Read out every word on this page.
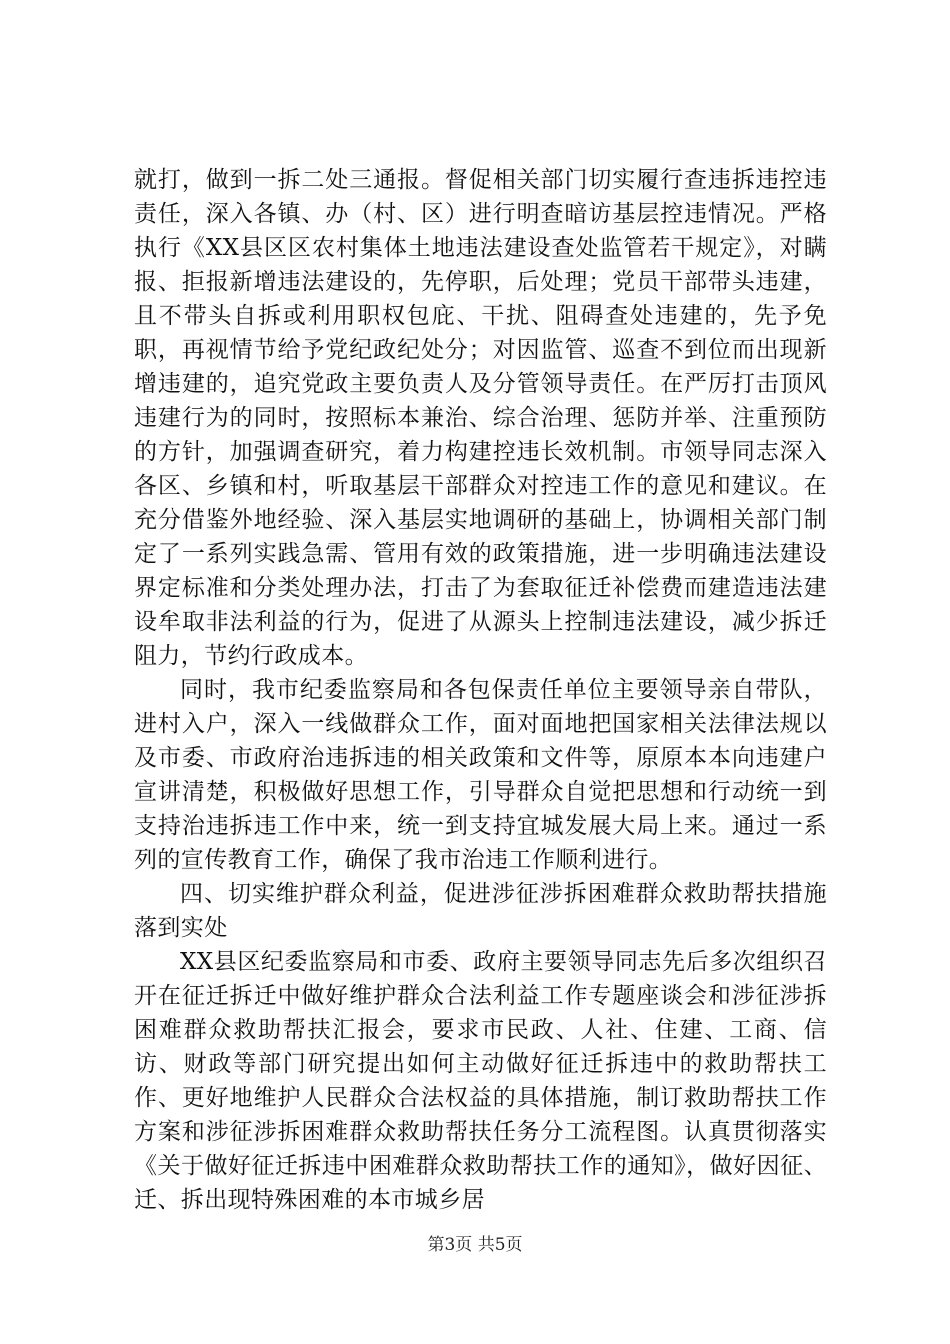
就打，做到一拆二处三通报。督促相关部门切实履行查违拆违控违责任，深入各镇、办（村、区）进行明查暗访基层控违情况。严格执行《XX县区区农村集体土地违法建设查处监管若干规定》，对瞒报、拒报新增违法建设的，先停职，后处理；党员干部带头违建，且不带头自拆或利用职权包庇、干扰、阻碍查处违建的，先予免职，再视情节给予党纪政纪处分；对因监管、巡查不到位而出现新增违建的，追究党政主要负责人及分管领导责任。在严厉打击顶风违建行为的同时，按照标本兼治、综合治理、惩防并举、注重预防的方针，加强调查研究，着力构建控违长效机制。市领导同志深入各区、乡镇和村，听取基层干部群众对控违工作的意见和建议。在充分借鉴外地经验、深入基层实地调研的基础上，协调相关部门制定了一系列实践急需、管用有效的政策措施，进一步明确违法建设界定标准和分类处理办法，打击了为套取征迁补偿费而建造违法建设牟取非法利益的行为，促进了从源头上控制违法建设，减少拆迁阻力，节约行政成本。

同时，我市纪委监察局和各包保责任单位主要领导亲自带队，进村入户，深入一线做群众工作，面对面地把国家相关法律法规以及市委、市政府治违拆违的相关政策和文件等，原原本本向违建户宣讲清楚，积极做好思想工作，引导群众自觉把思想和行动统一到支持治违拆违工作中来，统一到支持宜城发展大局上来。通过一系列的宣传教育工作，确保了我市治违工作顺利进行。

四、切实维护群众利益，促进涉征涉拆困难群众救助帮扶措施落到实处

XX县区纪委监察局和市委、政府主要领导同志先后多次组织召开在征迁拆迁中做好维护群众合法利益工作专题座谈会和涉征涉拆困难群众救助帮扶汇报会，要求市民政、人社、住建、工商、信访、财政等部门研究提出如何主动做好征迁拆违中的救助帮扶工作、更好地维护人民群众合法权益的具体措施，制订救助帮扶工作方案和涉征涉拆困难群众救助帮扶任务分工流程图。认真贯彻落实《关于做好征迁拆违中困难群众救助帮扶工作的通知》，做好因征、迁、拆出现特殊困难的本市城乡居

第3页 共5页
